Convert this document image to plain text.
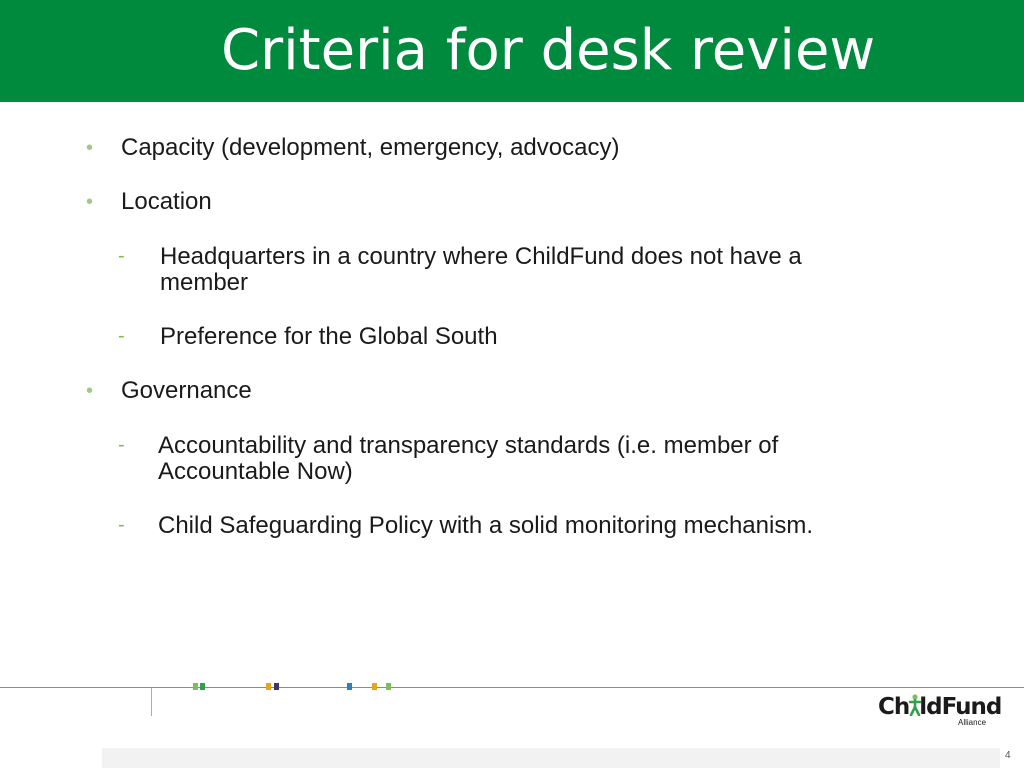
Criteria for desk review
• Capacity (development, emergency, advocacy)
• Location
- Headquarters in a country where ChildFund does not have a
member
- Preference for the Global South
• Governance
- Accountability and transparency standards (i.e. member of
Accountable Now)
- Child Safeguarding Policy with a solid monitoring mechanism.
Ch ldFund
Alliance
4
